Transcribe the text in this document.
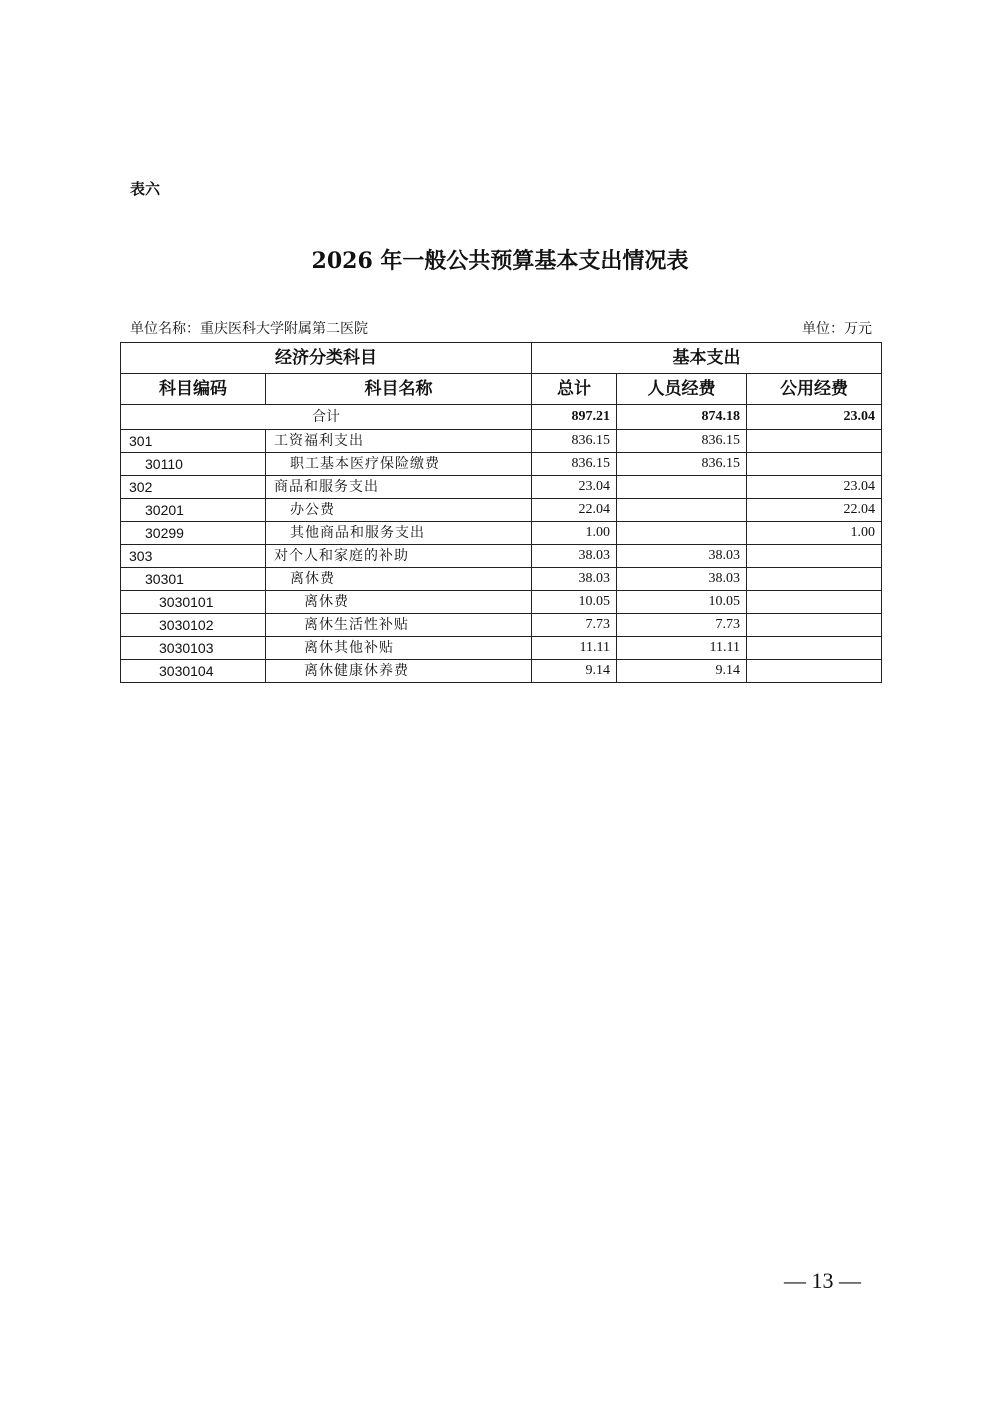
表六
2026 年一般公共预算基本支出情况表
单位名称：重庆医科大学附属第二医院	单位：万元
经济分类科目		基本支出		
科目编码	科目名称	总计	人员经费	公用经费
合计		897.21	874.18	23.04
301	工资福利支出	836.15	836.15	
30110	职工基本医疗保险缴费	836.15	836.15	
302	商品和服务支出	23.04		23.04
30201	办公费	22.04		22.04
30299	其他商品和服务支出	1.00		1.00
303	对个人和家庭的补助	38.03	38.03	
30301	离休费	38.03	38.03	
3030101	离休费	10.05	10.05	
3030102	离休生活性补贴	7.73	7.73	
3030103	离休其他补贴	11.11	11.11	
3030104	离休健康休养费	9.14	9.14	
— 13 —
